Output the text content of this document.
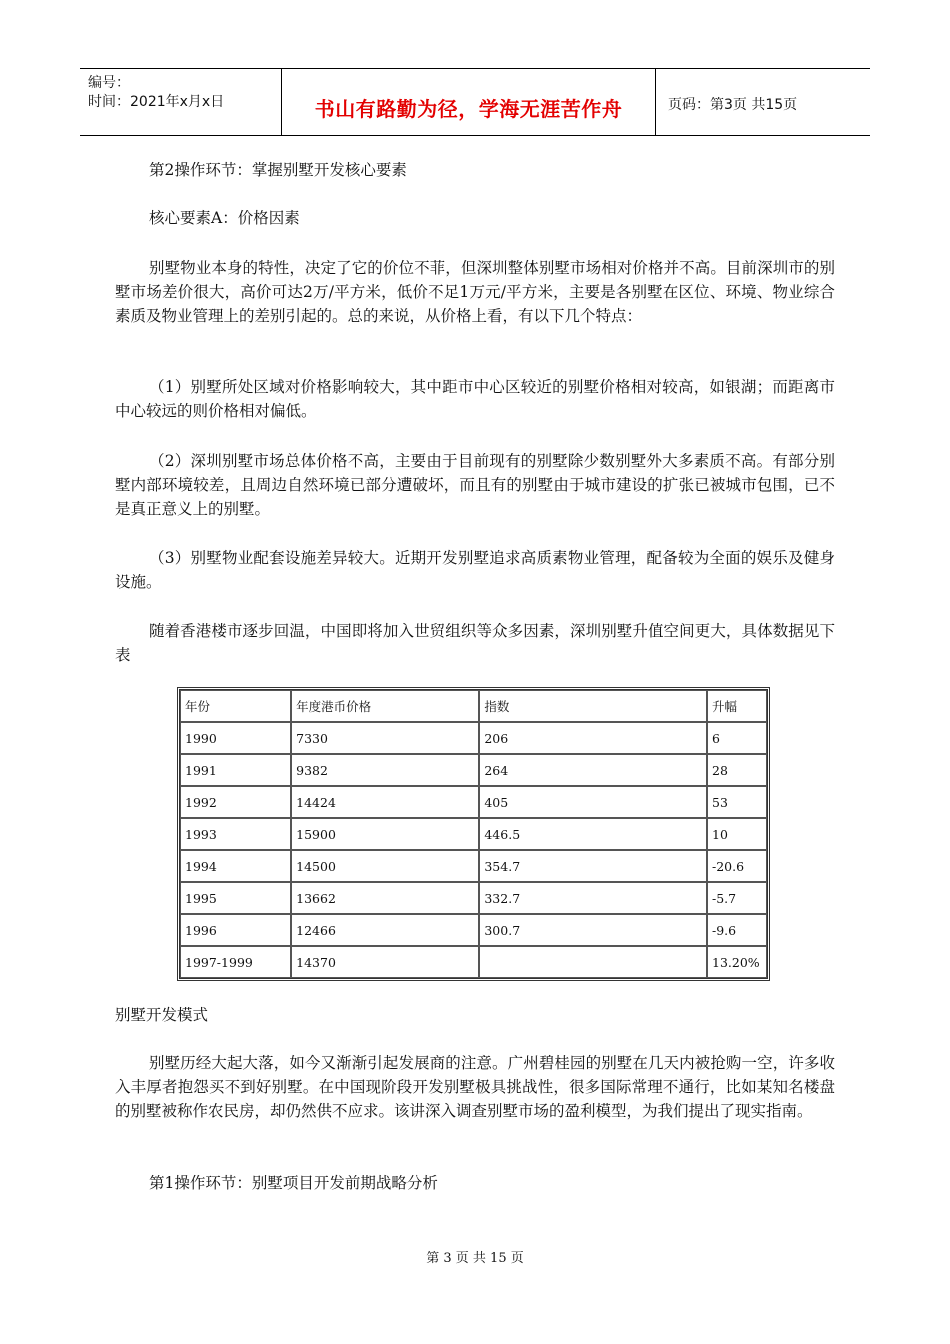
编号：
时间：2021年x月x日	书山有路勤为径，学海无涯苦作舟	页码：第3页 共15页

第2操作环节：掌握别墅开发核心要素

核心要素A：价格因素

别墅物业本身的特性，决定了它的价位不菲，但深圳整体别墅市场相对价格并不高。目前深圳市的别墅市场差价很大，高价可达2万/平方米，低价不足1万元/平方米，主要是各别墅在区位、环境、物业综合素质及物业管理上的差别引起的。总的来说，从价格上看，有以下几个特点：

（1）别墅所处区域对价格影响较大，其中距市中心区较近的别墅价格相对较高，如银湖；而距离市中心较远的则价格相对偏低。

（2）深圳别墅市场总体价格不高，主要由于目前现有的别墅除少数别墅外大多素质不高。有部分别墅内部环境较差，且周边自然环境已部分遭破坏，而且有的别墅由于城市建设的扩张已被城市包围，已不是真正意义上的别墅。

（3）别墅物业配套设施差异较大。近期开发别墅追求高质素物业管理，配备较为全面的娱乐及健身设施。

随着香港楼市逐步回温，中国即将加入世贸组织等众多因素，深圳别墅升值空间更大，具体数据见下表

年份	年度港币价格	指数	升幅
1990	7330	206	6
1991	9382	264	28
1992	14424	405	53
1993	15900	446.5	10
1994	14500	354.7	-20.6
1995	13662	332.7	-5.7
1996	12466	300.7	-9.6
1997-1999	14370		13.20%

别墅开发模式

别墅历经大起大落，如今又渐渐引起发展商的注意。广州碧桂园的别墅在几天内被抢购一空，许多收入丰厚者抱怨买不到好别墅。在中国现阶段开发别墅极具挑战性，很多国际常理不通行，比如某知名楼盘的别墅被称作农民房，却仍然供不应求。该讲深入调查别墅市场的盈利模型，为我们提出了现实指南。

第1操作环节：别墅项目开发前期战略分析

第 3 页 共 15 页
